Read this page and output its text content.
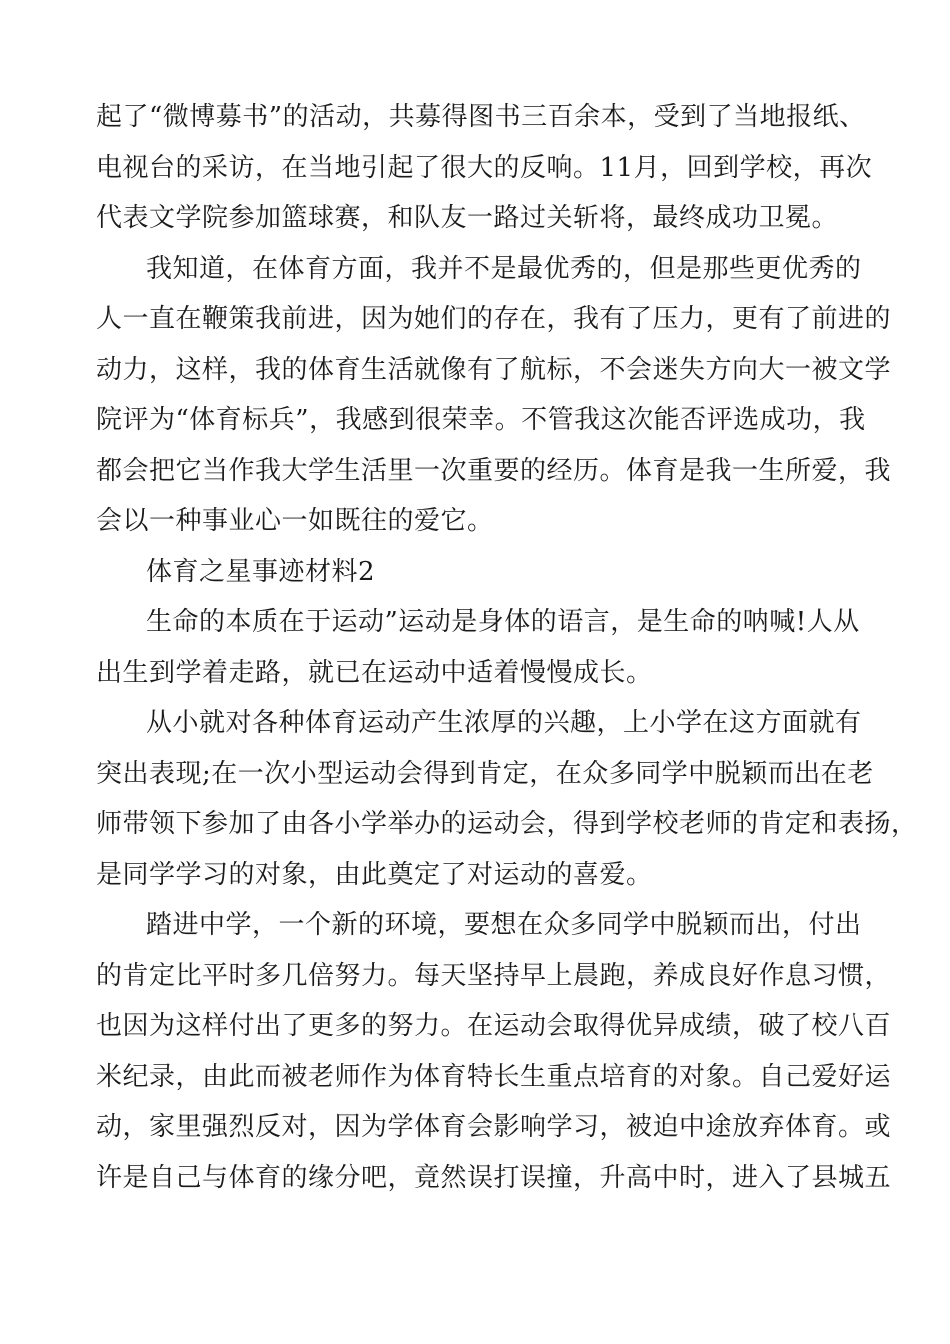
起了“微博募书”的活动，共募得图书三百余本，受到了当地报纸、
电视台的采访，在当地引起了很大的反响。11月，回到学校，再次
代表文学院参加篮球赛，和队友一路过关斩将，最终成功卫冕。
我知道，在体育方面，我并不是最优秀的，但是那些更优秀的
人一直在鞭策我前进，因为她们的存在，我有了压力，更有了前进的
动力，这样，我的体育生活就像有了航标，不会迷失方向大一被文学
院评为“体育标兵”，我感到很荣幸。不管我这次能否评选成功，我
都会把它当作我大学生活里一次重要的经历。体育是我一生所爱，我
会以一种事业心一如既往的爱它。
体育之星事迹材料2
生命的本质在于运动”运动是身体的语言，是生命的呐喊!人从
出生到学着走路，就已在运动中适着慢慢成长。
从小就对各种体育运动产生浓厚的兴趣，上小学在这方面就有
突出表现;在一次小型运动会得到肯定，在众多同学中脱颖而出在老
师带领下参加了由各小学举办的运动会，得到学校老师的肯定和表扬，
是同学学习的对象，由此奠定了对运动的喜爱。
踏进中学，一个新的环境，要想在众多同学中脱颖而出，付出
的肯定比平时多几倍努力。每天坚持早上晨跑，养成良好作息习惯，
也因为这样付出了更多的努力。在运动会取得优异成绩，破了校八百
米纪录，由此而被老师作为体育特长生重点培育的对象。自己爱好运
动，家里强烈反对，因为学体育会影响学习，被迫中途放弃体育。或
许是自己与体育的缘分吧，竟然误打误撞，升高中时，进入了县城五
